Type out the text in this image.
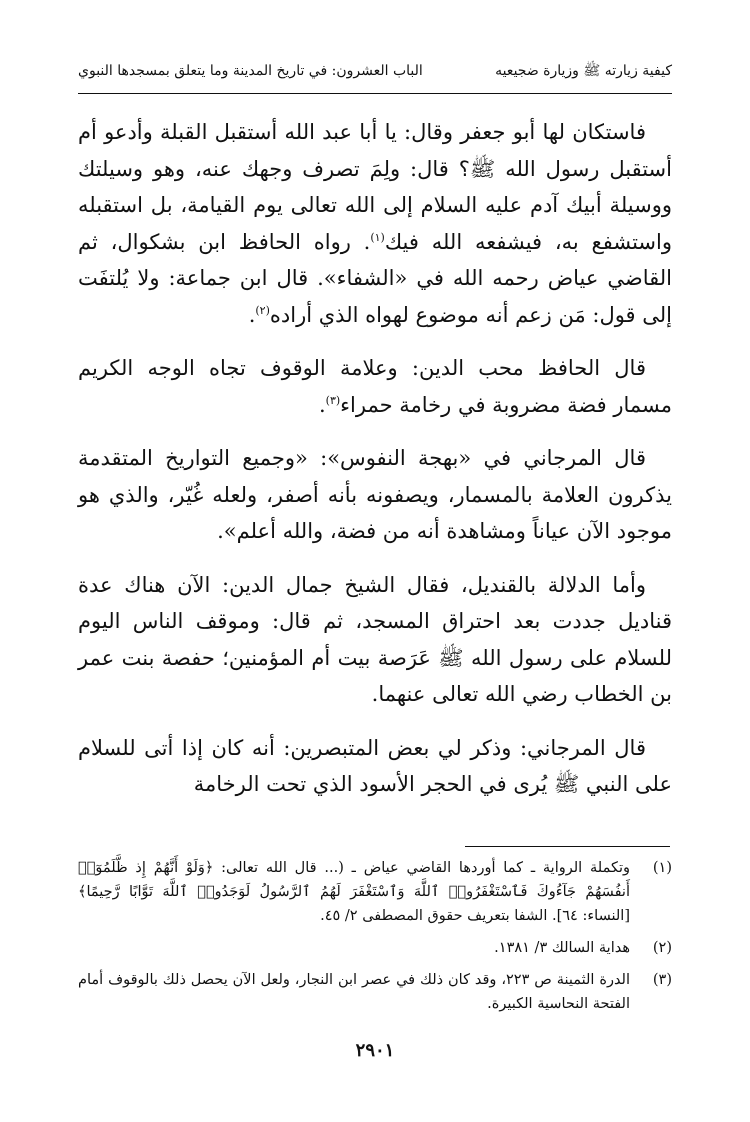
كيفية زيارته ﷺ وزيارة ضجيعيه
الباب العشرون: في تاريخ المدينة وما يتعلق بمسجدها النبوي

فاستكان لها أبو جعفر وقال: يا أبا عبد الله أستقبل القبلة وأدعو أم أستقبل رسول الله ﷺ؟ قال: ولِمَ تصرف وجهك عنه، وهو وسيلتك ووسيلة أبيك آدم عليه السلام إلى الله تعالى يوم القيامة، بل استقبله واستشفع به، فيشفعه الله فيك$^{(١)}$. رواه الحافظ ابن بشكوال، ثم القاضي عياض رحمه الله في «الشفاء». قال ابن جماعة: ولا يُلتفَت إلى قول: مَن زعم أنه موضوع لهواه الذي أراده$^{(٢)}$.

قال الحافظ محب الدين: وعلامة الوقوف تجاه الوجه الكريم مسمار فضة مضروبة في رخامة حمراء$^{(٣)}$.

قال المرجاني في «بهجة النفوس»: «وجميع التواريخ المتقدمة يذكرون العلامة بالمسمار، ويصفونه بأنه أصفر، ولعله غُيّر، والذي هو موجود الآن عياناً ومشاهدة أنه من فضة، والله أعلم».

وأما الدلالة بالقنديل، فقال الشيخ جمال الدين: الآن هناك عدة قناديل جددت بعد احتراق المسجد، ثم قال: وموقف الناس اليوم للسلام على رسول الله ﷺ عَرَصة بيت أم المؤمنين؛ حفصة بنت عمر بن الخطاب رضي الله تعالى عنهما.

قال المرجاني: وذكر لي بعض المتبصرين: أنه كان إذا أتى للسلام على النبي ﷺ يُرى في الحجر الأسود الذي تحت الرخامة

(١)
وتكملة الرواية ـ كما أوردها القاضي عياض ـ (... قال الله تعالى: ﴿وَلَوْ أَنَّهُمْ إِذ ظَّلَمُوٓا۟ أَنفُسَهُمْ جَآءُوكَ فَٱسْتَغْفَرُوا۟ ٱللَّهَ وَٱسْتَغْفَرَ لَهُمُ ٱلرَّسُولُ لَوَجَدُوا۟ ٱللَّهَ تَوَّابًا رَّحِيمًا﴾ [النساء: ٦٤]. الشفا بتعريف حقوق المصطفى ٢/ ٤٥.
(٢)
هداية السالك ٣/ ١٣٨١.
(٣)
الدرة الثمينة ص ٢٢٣، وقد كان ذلك في عصر ابن النجار، ولعل الآن يحصل ذلك بالوقوف أمام الفتحة النحاسية الكبيرة.
٢٩٠١
